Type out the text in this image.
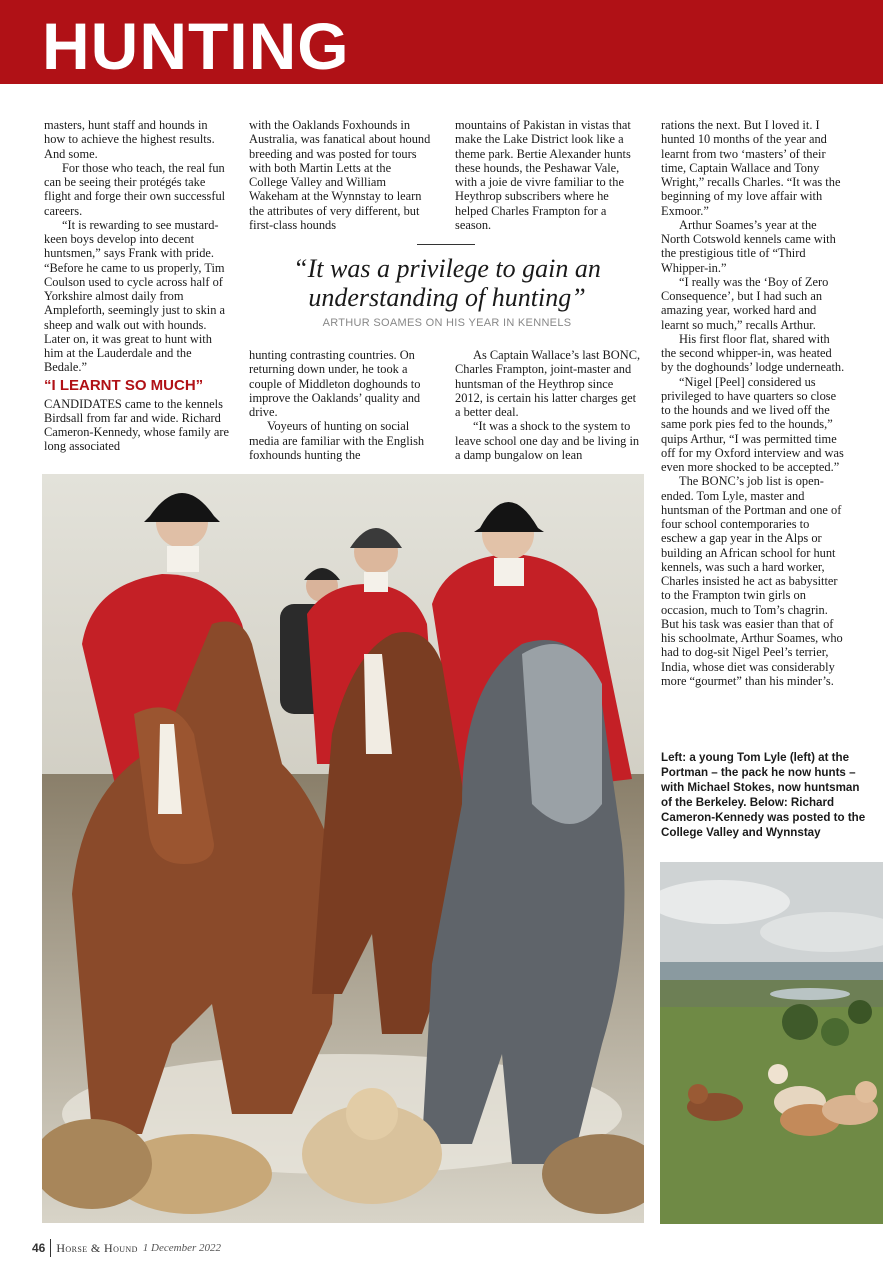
HUNTING

masters, hunt staff and hounds in how to achieve the highest results. And some.

For those who teach, the real fun can be seeing their protégés take flight and forge their own successful careers.

“It is rewarding to see mustard-keen boys develop into decent huntsmen,” says Frank with pride. “Before he came to us properly, Tim Coulson used to cycle across half of Yorkshire almost daily from Ampleforth, seemingly just to skin a sheep and walk out with hounds. Later on, it was great to hunt with him at the Lauderdale and the Bedale.”

“I LEARNT SO MUCH”

CANDIDATES came to the kennels Birdsall from far and wide. Richard Cameron-Kennedy, whose family are long associated

with the Oaklands Foxhounds in Australia, was fanatical about hound breeding and was posted for tours with both Martin Letts at the College Valley and William Wakeham at the Wynnstay to learn the attributes of very different, but first-class hounds

hunting contrasting countries. On returning down under, he took a couple of Middleton doghounds to improve the Oaklands’ quality and drive.

Voyeurs of hunting on social media are familiar with the English foxhounds hunting the

mountains of Pakistan in vistas that make the Lake District look like a theme park. Bertie Alexander hunts these hounds, the Peshawar Vale, with a joie de vivre familiar to the Heythrop subscribers where he helped Charles Frampton for a season.

As Captain Wallace’s last BONC, Charles Frampton, joint-master and huntsman of the Heythrop since 2012, is certain his latter charges get a better deal.

“It was a shock to the system to leave school one day and be living in a damp bungalow on lean

“It was a privilege to gain an understanding of hunting”
ARTHUR SOAMES ON HIS YEAR IN KENNELS

rations the next. But I loved it. I hunted 10 months of the year and learnt from two ‘masters’ of their time, Captain Wallace and Tony Wright,” recalls Charles. “It was the beginning of my love affair with Exmoor.”

Arthur Soames’s year at the North Cotswold kennels came with the prestigious title of “Third Whipper-in.”

“I really was the ‘Boy of Zero Consequence’, but I had such an amazing year, worked hard and learnt so much,” recalls Arthur.

His first floor flat, shared with the second whipper-in, was heated by the doghounds’ lodge underneath.

“Nigel [Peel] considered us privileged to have quarters so close to the hounds and we lived off the same pork pies fed to the hounds,” quips Arthur, “I was permitted time off for my Oxford interview and was even more shocked to be accepted.”

The BONC’s job list is open-ended. Tom Lyle, master and huntsman of the Portman and one of four school contemporaries to eschew a gap year in the Alps or building an African school for hunt kennels, was such a hard worker, Charles insisted he act as babysitter to the Frampton twin girls on occasion, much to Tom’s chagrin. But his task was easier than that of his schoolmate, Arthur Soames, who had to dog-sit Nigel Peel’s terrier, India, whose diet was considerably more “gourmet” than his minder’s.

Left: a young Tom Lyle (left) at the Portman – the pack he now hunts – with Michael Stokes, now huntsman of the Berkeley. Below: Richard Cameron-Kennedy was posted to the College Valley and Wynnstay
46 Horse & Hound 1 December 2022
